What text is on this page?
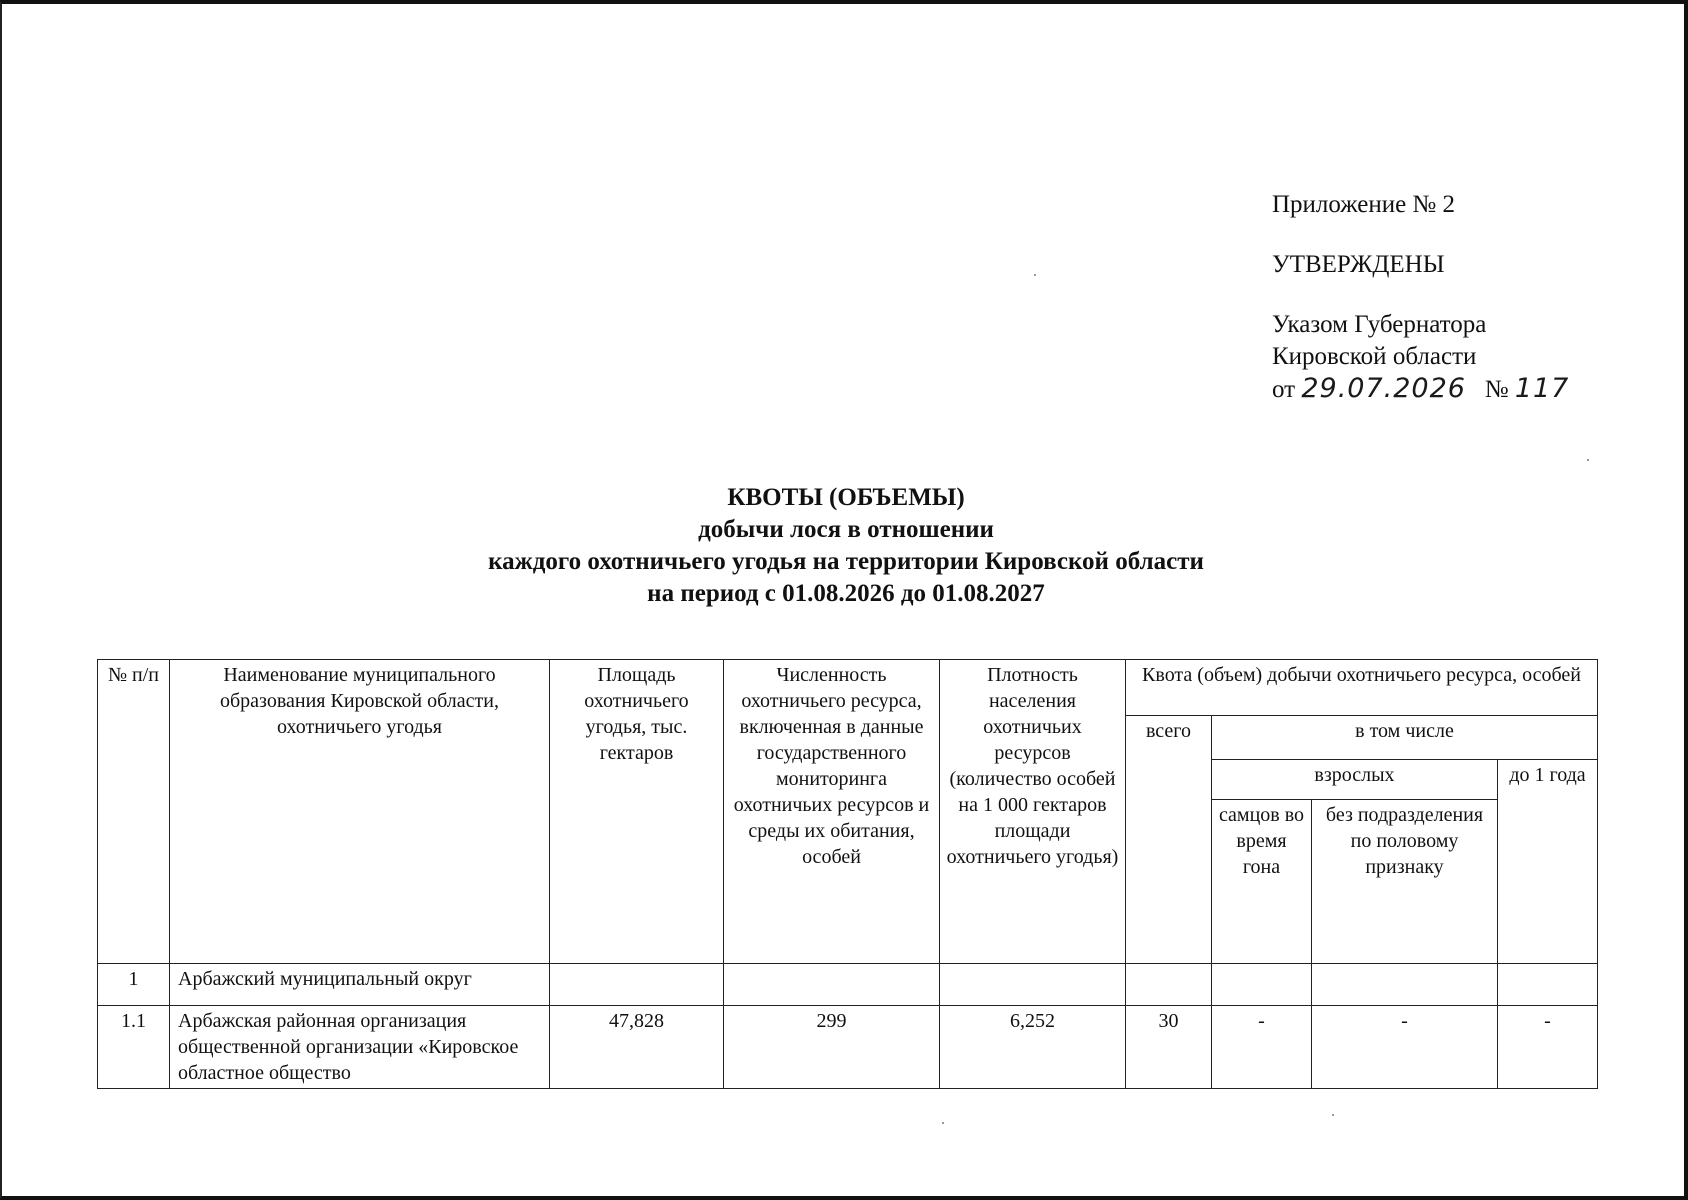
Приложение № 2
УТВЕРЖДЕНЫ
Указом Губернатора
Кировской области
от 29.07.2026 № 117
КВОТЫ (ОБЪЕМЫ)
добычи лося в отношении
каждого охотничьего угодья на территории Кировской области
на период с 01.08.2026 до 01.08.2027
№ п/п	Наименование муниципального образования Кировской области, охотничьего угодья	Площадь охотничьего угодья, тыс. гектаров	Численность охотничьего ресурса, включенная в данные государственного мониторинга охотничьих ресурсов и среды их обитания, особей	Плотность населения охотничьих ресурсов (количество особей на 1 000 гектаров площади охотничьего угодья)	Квота (объем) добычи охотничьего ресурса, особей			
					всего	в том числе		
						взрослых		до 1 года
						самцов во время гона	без подразделения по половому признаку	
1	Арбажский муниципальный округ							
1.1	Арбажская районная организация общественной организации «Кировское областное общество	47,828	299	6,252	30	-	-	-
